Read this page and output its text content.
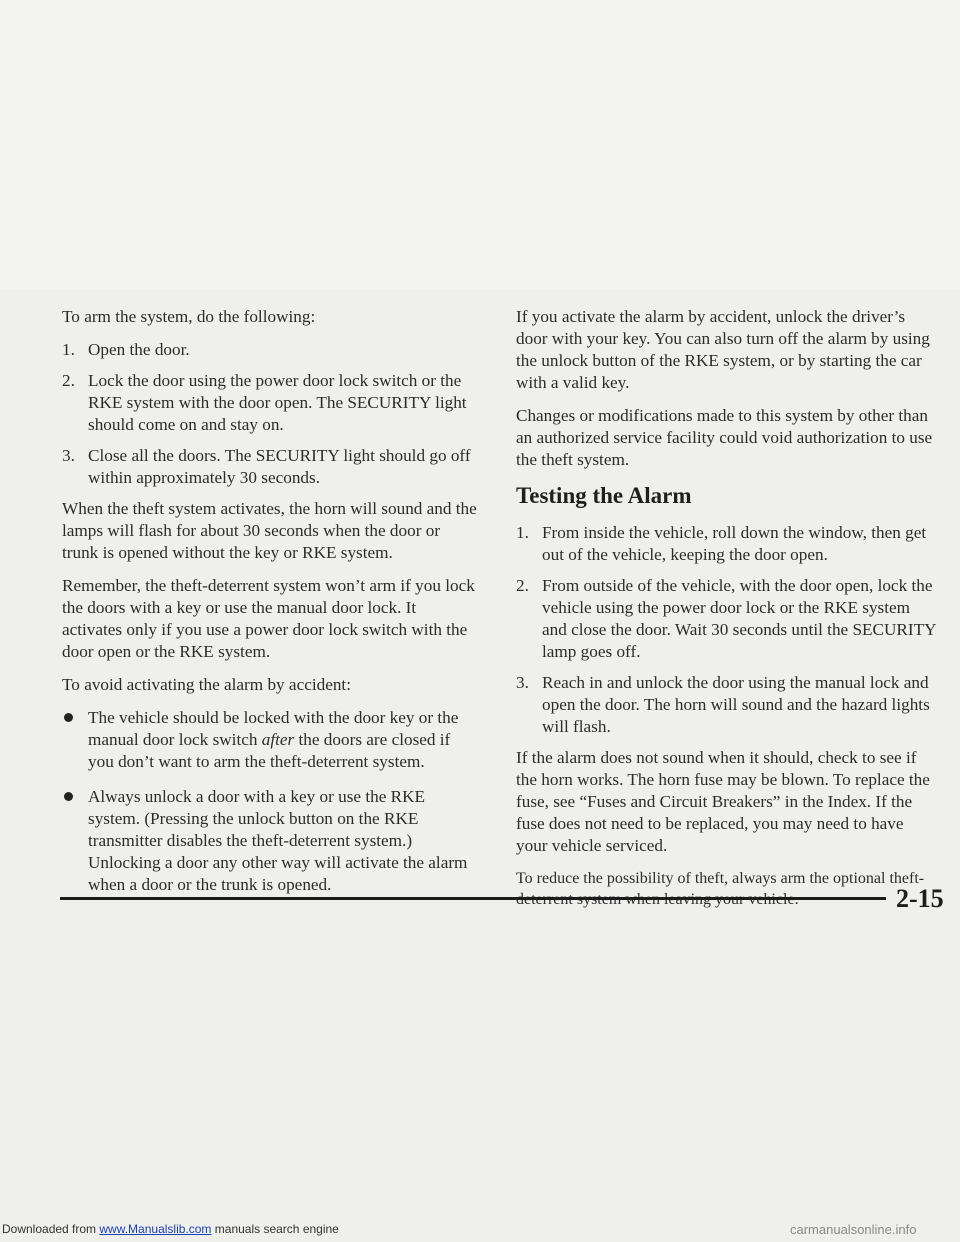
To arm the system, do the following:

1. Open the door.
2. Lock the door using the power door lock switch or the RKE system with the door open. The SECURITY light should come on and stay on.
3. Close all the doors. The SECURITY light should go off within approximately 30 seconds.

When the theft system activates, the horn will sound and the lamps will flash for about 30 seconds when the door or trunk is opened without the key or RKE system.

Remember, the theft-deterrent system won’t arm if you lock the doors with a key or use the manual door lock. It activates only if you use a power door lock switch with the door open or the RKE system.

To avoid activating the alarm by accident:

The vehicle should be locked with the door key or the manual door lock switch after the doors are closed if you don’t want to arm the theft-deterrent system.
Always unlock a door with a key or use the RKE system. (Pressing the unlock button on the RKE transmitter disables the theft-deterrent system.) Unlocking a door any other way will activate the alarm when a door or the trunk is opened.

If you activate the alarm by accident, unlock the driver’s door with your key. You can also turn off the alarm by using the unlock button of the RKE system, or by starting the car with a valid key.

Changes or modifications made to this system by other than an authorized service facility could void authorization to use the theft system.

Testing the Alarm
1. From inside the vehicle, roll down the window, then get out of the vehicle, keeping the door open.
2. From outside of the vehicle, with the door open, lock the vehicle using the power door lock or the RKE system and close the door. Wait 30 seconds until the SECURITY lamp goes off.
3. Reach in and unlock the door using the manual lock and open the door. The horn will sound and the hazard lights will flash.

If the alarm does not sound when it should, check to see if the horn works. The horn fuse may be blown. To replace the fuse, see “Fuses and Circuit Breakers” in the Index. If the fuse does not need to be replaced, you may need to have your vehicle serviced.

To reduce the possibility of theft, always arm the optional theft-

2-15
Downloaded from www.Manualslib.com manuals search engine	carmanualsonline.info
